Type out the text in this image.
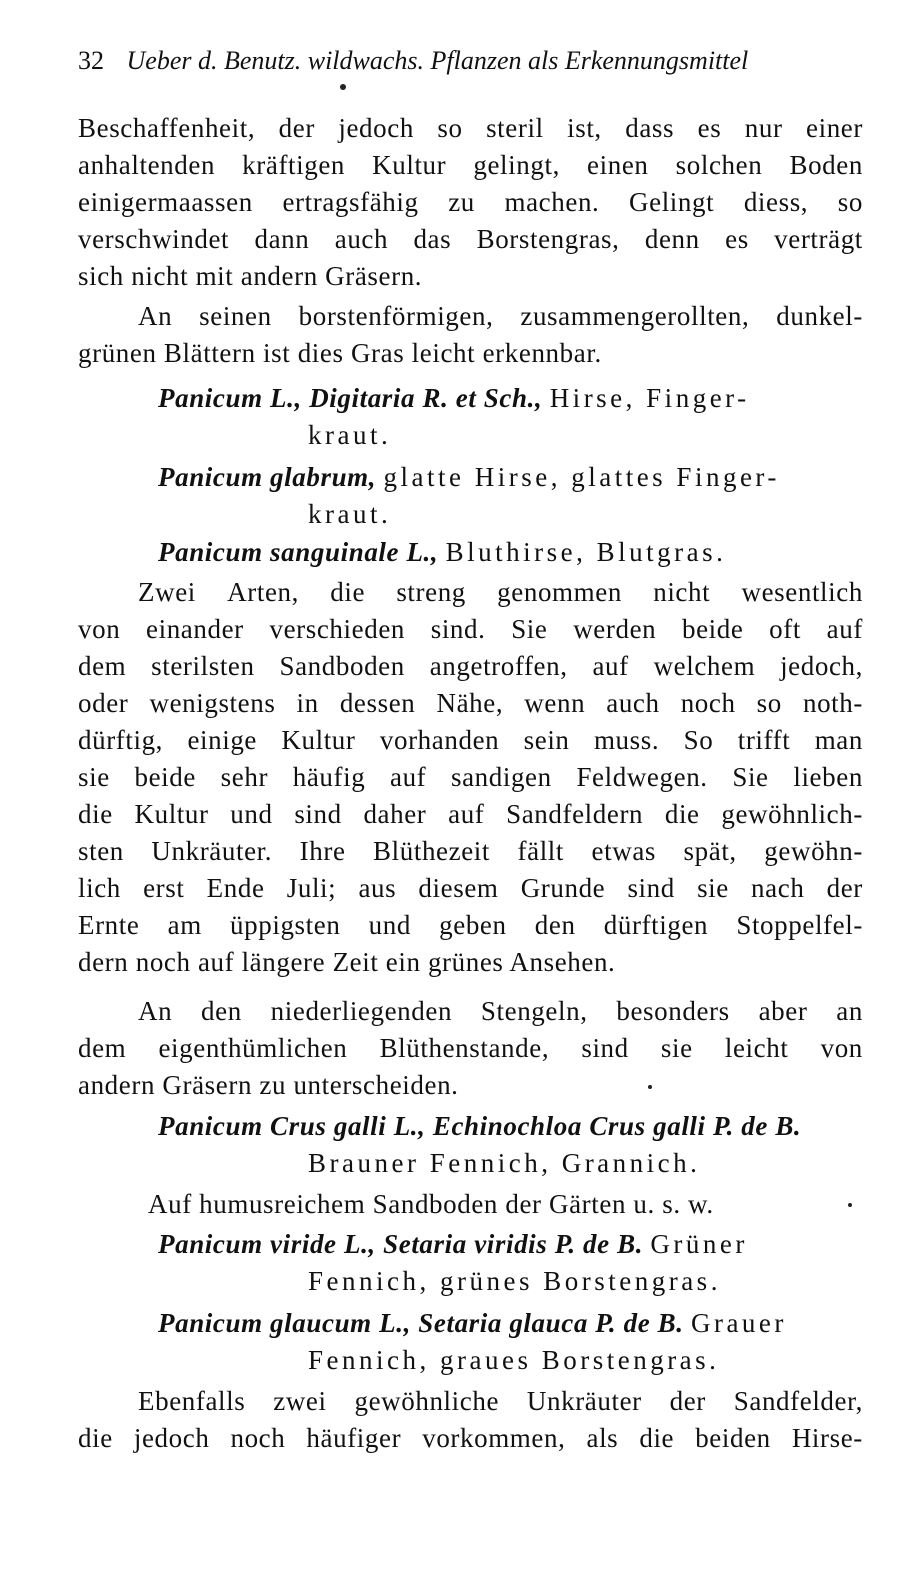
32 Ueber d. Benutz. wildwachs. Pflanzen als Erkennungsmittel
Beschaffenheit, der jedoch so steril ist, dass es nur einer
anhaltenden kräftigen Kultur gelingt, einen solchen Boden
einigermaassen ertragsfähig zu machen. Gelingt diess, so
verschwindet dann auch das Borstengras, denn es verträgt
sich nicht mit andern Gräsern.
An seinen borstenförmigen, zusammengerollten, dunkel-
grünen Blättern ist dies Gras leicht erkennbar.
Panicum L., Digitaria R. et Sch., Hirse, Finger-
kraut.
Panicum glabrum, glatte Hirse, glattes Finger-
kraut.
Panicum sanguinale L., Bluthirse, Blutgras.
Zwei Arten, die streng genommen nicht wesentlich
von einander verschieden sind. Sie werden beide oft auf
dem sterilsten Sandboden angetroffen, auf welchem jedoch,
oder wenigstens in dessen Nähe, wenn auch noch so noth-
dürftig, einige Kultur vorhanden sein muss. So trifft man
sie beide sehr häufig auf sandigen Feldwegen. Sie lieben
die Kultur und sind daher auf Sandfeldern die gewöhnlich-
sten Unkräuter. Ihre Blüthezeit fällt etwas spät, gewöhn-
lich erst Ende Juli; aus diesem Grunde sind sie nach der
Ernte am üppigsten und geben den dürftigen Stoppelfel-
dern noch auf längere Zeit ein grünes Ansehen.
An den niederliegenden Stengeln, besonders aber an
dem eigenthümlichen Blüthenstande, sind sie leicht von
andern Gräsern zu unterscheiden.
Panicum Crus galli L., Echinochloa Crus galli P. de B.
Brauner Fennich, Grannich.
Auf humusreichem Sandboden der Gärten u. s. w.
Panicum viride L., Setaria viridis P. de B. Grüner
Fennich, grünes Borstengras.
Panicum glaucum L., Setaria glauca P. de B. Grauer
Fennich, graues Borstengras.
Ebenfalls zwei gewöhnliche Unkräuter der Sandfelder,
die jedoch noch häufiger vorkommen, als die beiden Hirse-
